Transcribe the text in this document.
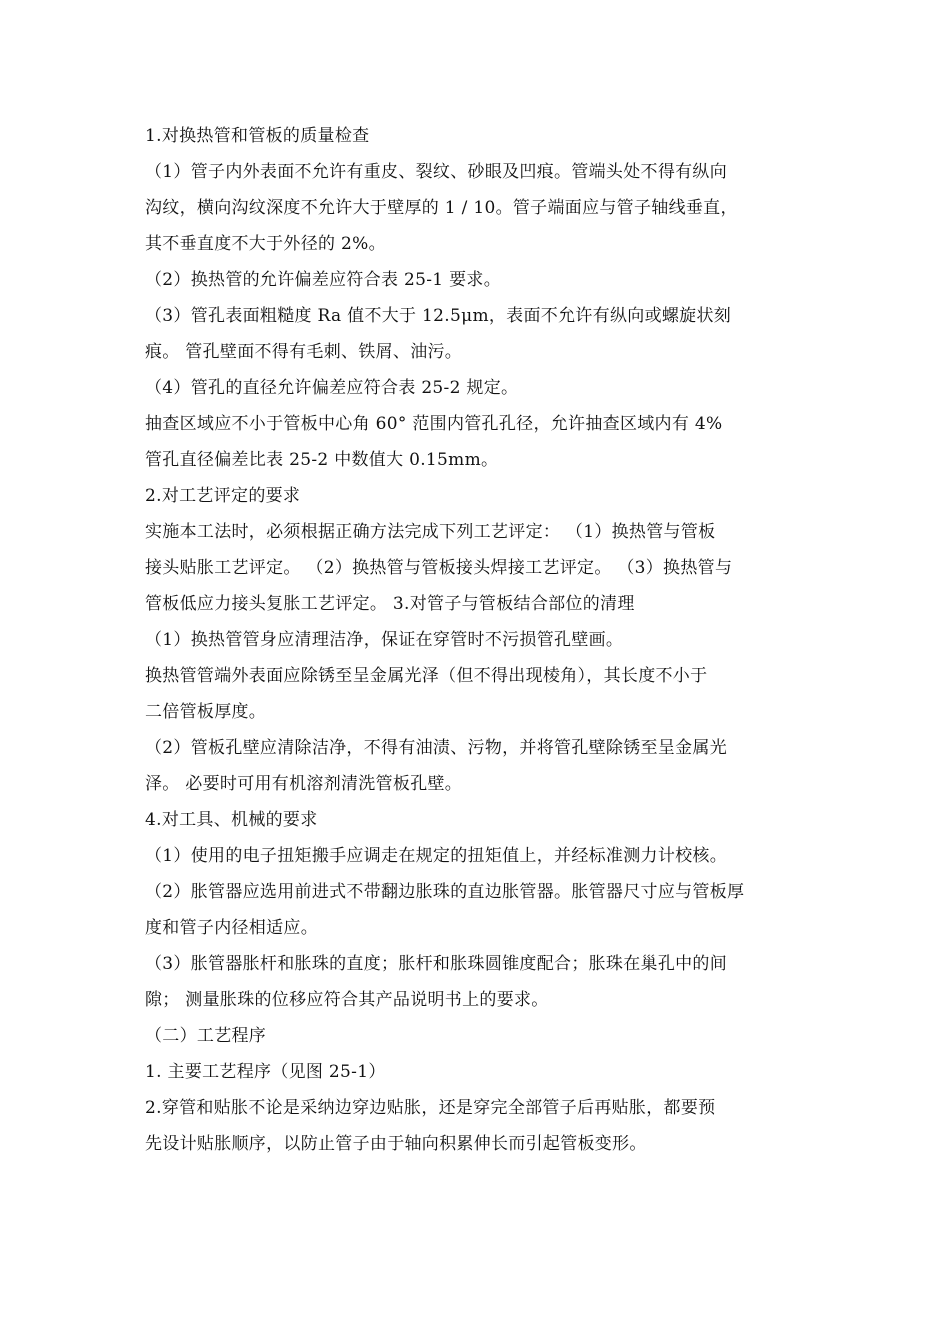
1.对换热管和管板的质量检查
（1）管子内外表面不允许有重皮、裂纹、砂眼及凹痕。管端头处不得有纵向
沟纹，横向沟纹深度不允许大于壁厚的 1 / 10。管子端面应与管子轴线垂直，
其不垂直度不大于外径的 2%。
（2）换热管的允许偏差应符合表 25-1 要求。
（3）管孔表面粗糙度 Ra 值不大于 12.5μm，表面不允许有纵向或螺旋状刻
痕。 管孔壁面不得有毛刺、铁屑、油污。
（4）管孔的直径允许偏差应符合表 25-2 规定。
抽查区域应不小于管板中心角 60° 范围内管孔孔径，允许抽查区域内有 4%
管孔直径偏差比表 25-2 中数值大 0.15mm。
2.对工艺评定的要求
实施本工法时，必须根据正确方法完成下列工艺评定： （1）换热管与管板
接头贴胀工艺评定。 （2）换热管与管板接头焊接工艺评定。 （3）换热管与
管板低应力接头复胀工艺评定。 3.对管子与管板结合部位的清理
（1）换热管管身应清理洁净，保证在穿管时不污损管孔壁画。
换热管管端外表面应除锈至呈金属光泽（但不得出现棱角），其长度不小于
二倍管板厚度。
（2）管板孔壁应清除洁净，不得有油渍、污物，并将管孔壁除锈至呈金属光
泽。 必要时可用有机溶剂清洗管板孔壁。
4.对工具、机械的要求
（1）使用的电子扭矩搬手应调走在规定的扭矩值上，并经标准测力计校核。
（2）胀管器应选用前进式不带翻边胀珠的直边胀管器。胀管器尺寸应与管板厚
度和管子内径相适应。
（3）胀管器胀杆和胀珠的直度；胀杆和胀珠圆锥度配合；胀珠在巢孔中的间
隙； 测量胀珠的位移应符合其产品说明书上的要求。
（二）工艺程序
1. 主要工艺程序（见图 25-1）
2.穿管和贴胀不论是采纳边穿边贴胀，还是穿完全部管子后再贴胀，都要预
先设计贴胀顺序，以防止管子由于轴向积累伸长而引起管板变形。
